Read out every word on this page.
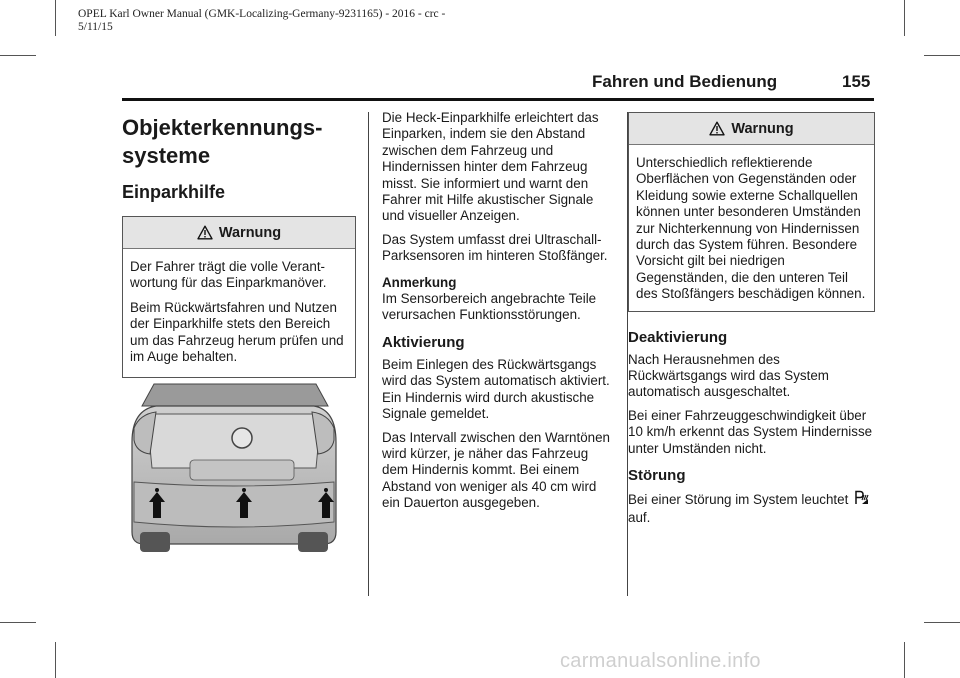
OPEL Karl Owner Manual (GMK-Localizing-Germany-9231165) - 2016 - crc -
5/11/15
Fahren und Bedienung	155
Objekterkennungs-
systeme
Einparkhilfe
Warnung

Der Fahrer trägt die volle Verantwortung für das Einparkmanöver.

Beim Rückwärtsfahren und Nutzen der Einparkhilfe stets den Bereich um das Fahrzeug herum prüfen und im Auge behalten.

Die Heck-Einparkhilfe erleichtert das Einparken, indem sie den Abstand zwischen dem Fahrzeug und Hindernissen hinter dem Fahrzeug misst. Sie informiert und warnt den Fahrer mit Hilfe akustischer Signale und visueller Anzeigen.

Das System umfasst drei Ultraschall-Parksensoren im hinteren Stoßfänger.

Anmerkung

Im Sensorbereich angebrachte Teile verursachen Funktionsstörungen.

Aktivierung

Beim Einlegen des Rückwärtsgangs wird das System automatisch aktiviert. Ein Hindernis wird durch akustische Signale gemeldet.

Das Intervall zwischen den Warntönen wird kürzer, je näher das Fahrzeug dem Hindernis kommt. Bei einem Abstand von weniger als 40 cm wird ein Dauerton ausgegeben.

Warnung

Unterschiedlich reflektierende Oberflächen von Gegenständen oder Kleidung sowie externe Schallquellen können unter besonderen Umständen zur Nichterkennung von Hindernissen durch das System führen. Besondere Vorsicht gilt bei niedrigen Gegenständen, die den unteren Teil des Stoßfängers beschädigen können.

Deaktivierung

Nach Herausnehmen des Rückwärtsgangs wird das System automatisch ausgeschaltet.

Bei einer Fahrzeuggeschwindigkeit über 10 km/h erkennt das System Hindernisse unter Umständen nicht.

Störung

Bei einer Störung im System leuchtet  auf.

carmanualsonline.info
